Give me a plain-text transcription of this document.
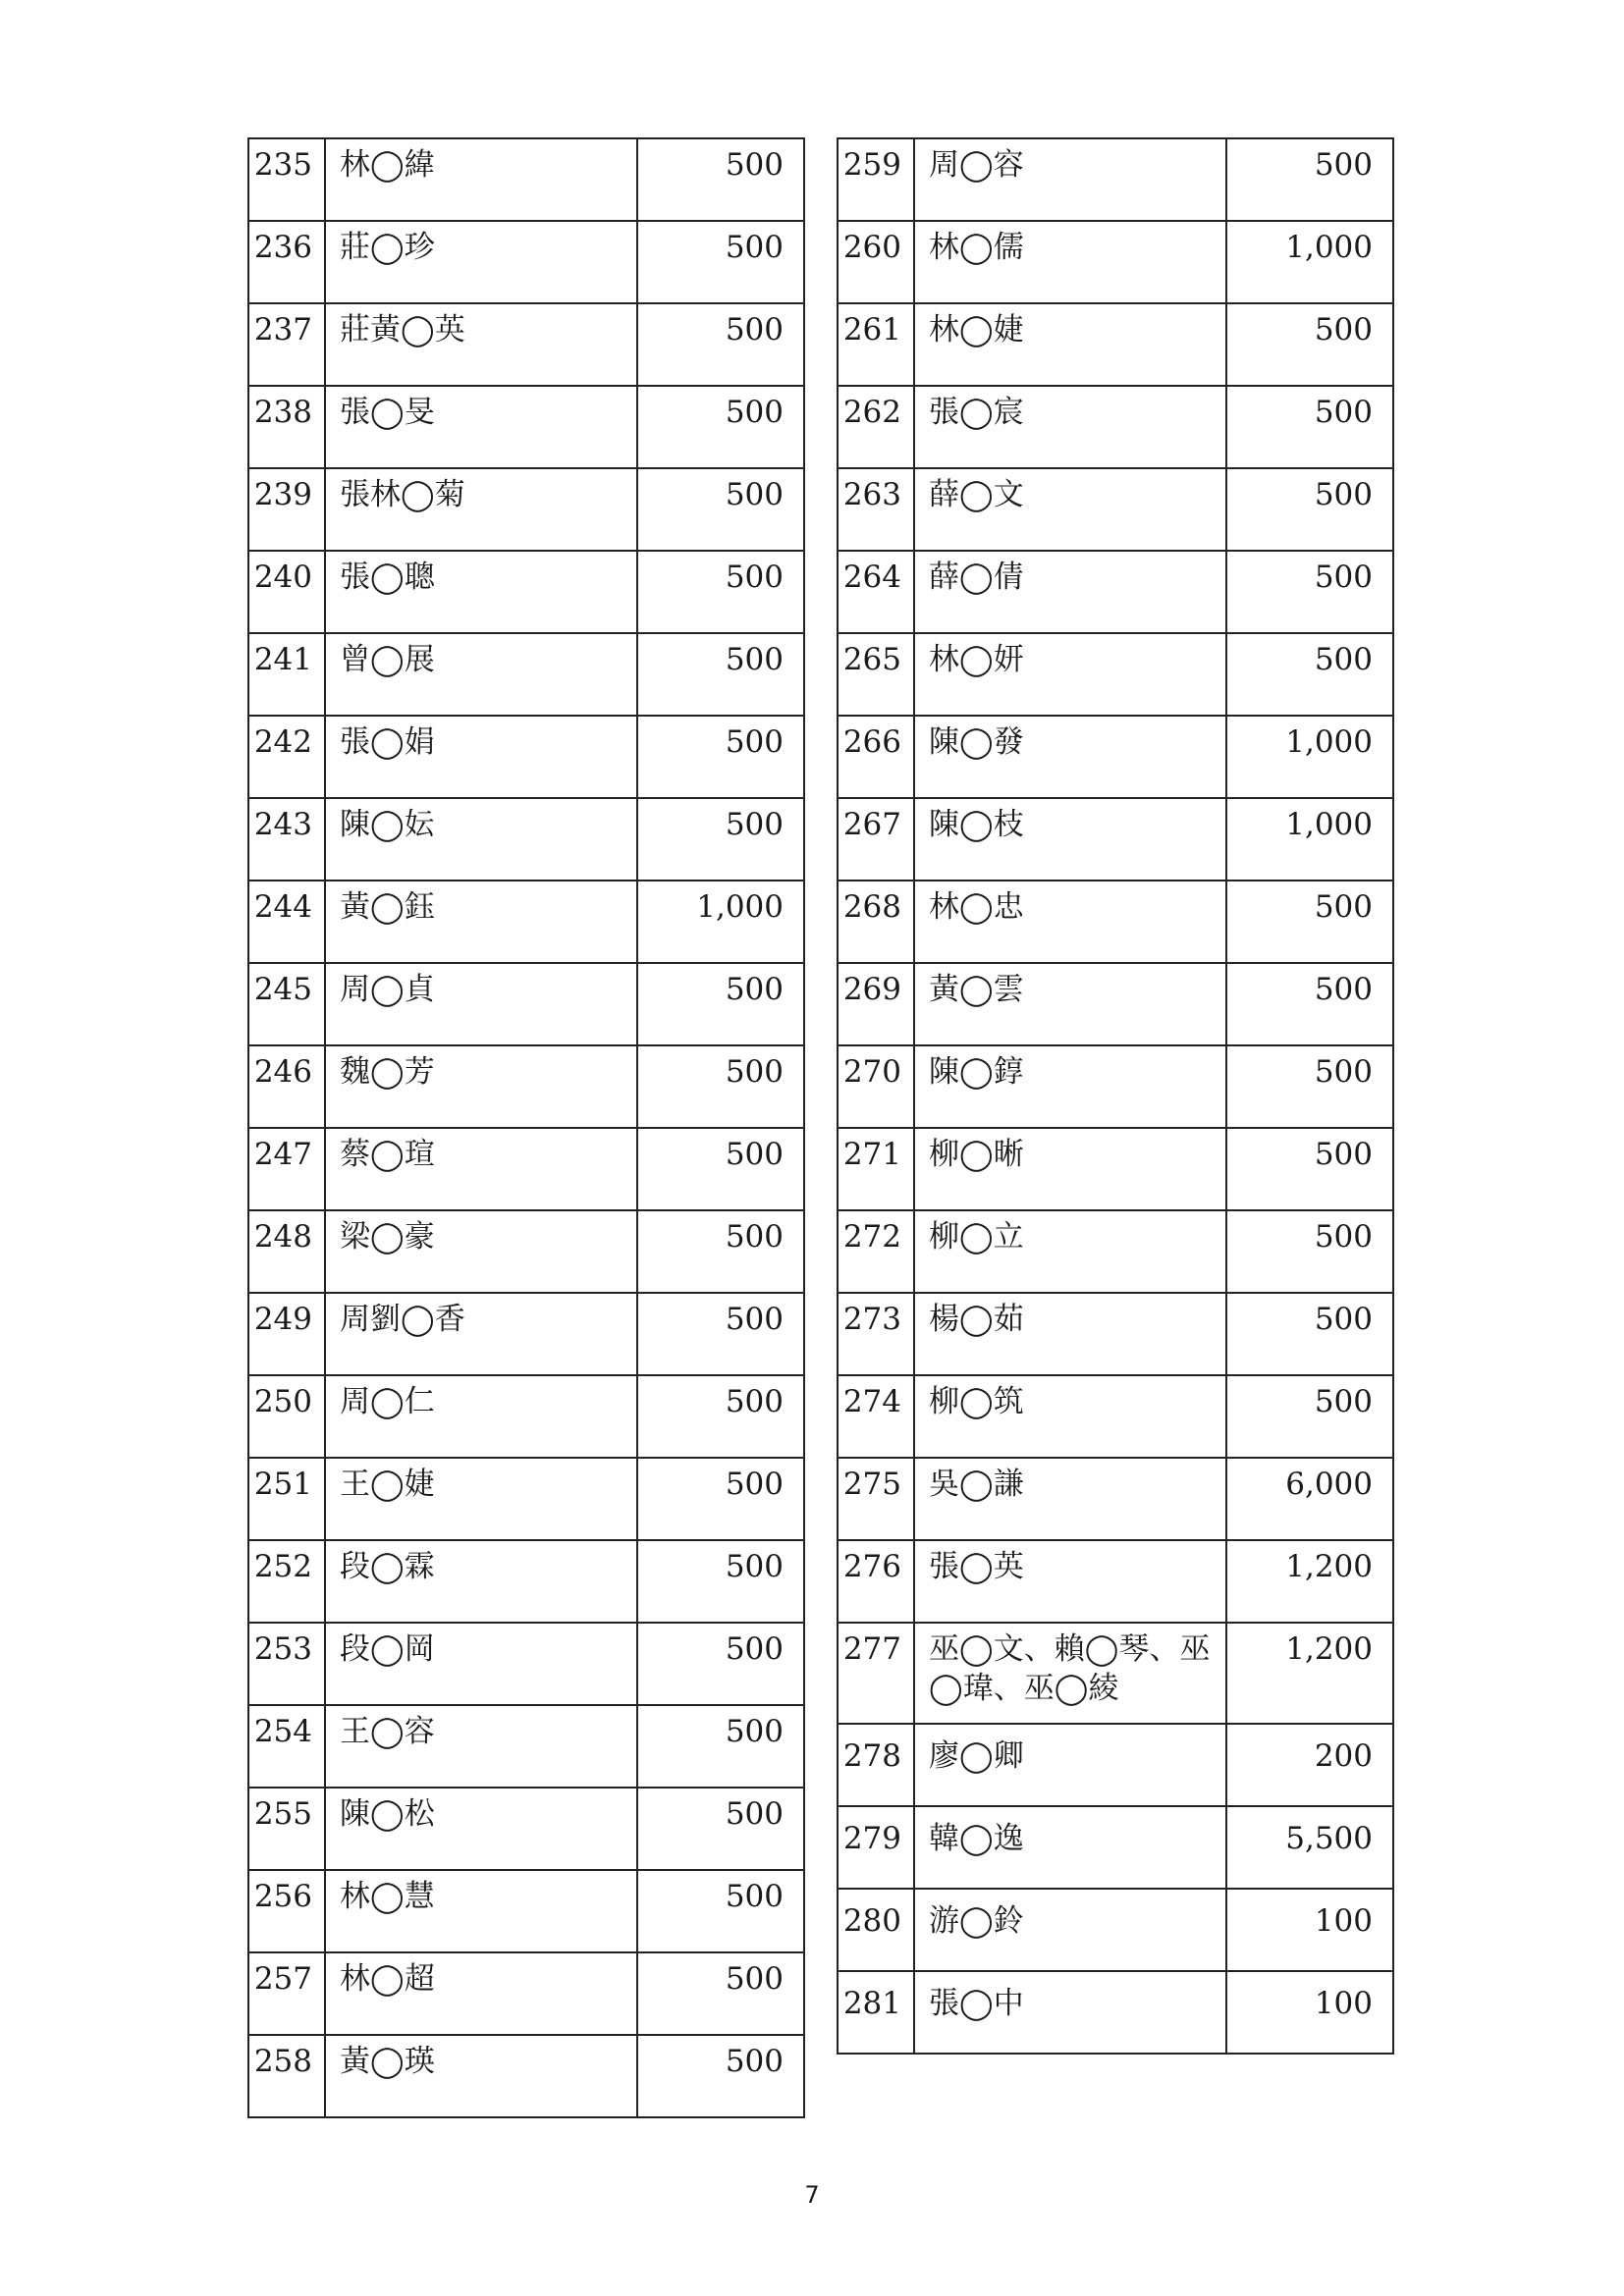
235	林◯緯	500
236	莊◯珍	500
237	莊黃◯英	500
238	張◯旻	500
239	張林◯菊	500
240	張◯聰	500
241	曾◯展	500
242	張◯娟	500
243	陳◯妘	500
244	黃◯鈺	1,000
245	周◯貞	500
246	魏◯芳	500
247	蔡◯瑄	500
248	梁◯豪	500
249	周劉◯香	500
250	周◯仁	500
251	王◯婕	500
252	段◯霖	500
253	段◯岡	500
254	王◯容	500
255	陳◯松	500
256	林◯慧	500
257	林◯超	500
258	黃◯瑛	500
259	周◯容	500
260	林◯儒	1,000
261	林◯婕	500
262	張◯宸	500
263	薛◯文	500
264	薛◯倩	500
265	林◯妍	500
266	陳◯發	1,000
267	陳◯枝	1,000
268	林◯忠	500
269	黃◯雲	500
270	陳◯錞	500
271	柳◯晰	500
272	柳◯立	500
273	楊◯茹	500
274	柳◯筑	500
275	吳◯謙	6,000
276	張◯英	1,200
277	巫◯文、賴◯琴、巫◯瑋、巫◯綾	1,200
278	廖◯卿	200
279	韓◯逸	5,500
280	游◯鈴	100
281	張◯中	100
7
